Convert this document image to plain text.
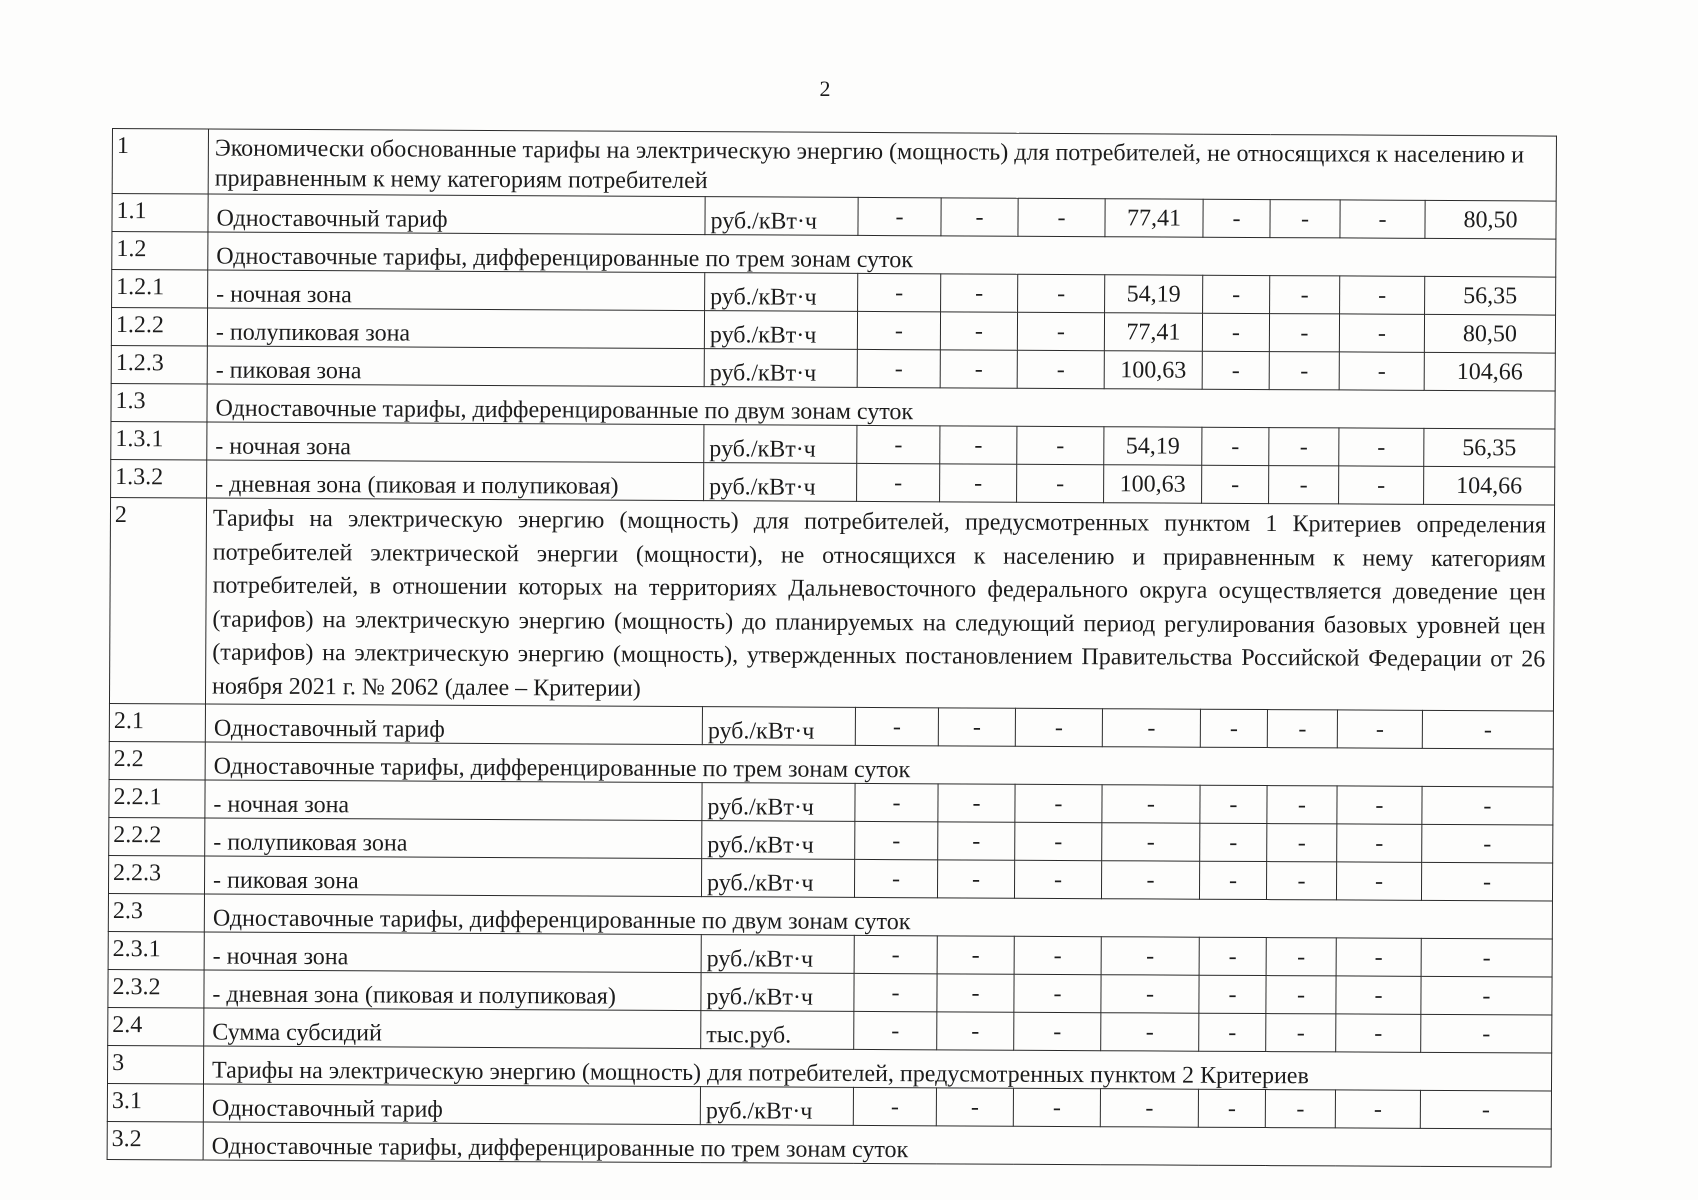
2
1	Экономически обоснованные тарифы на электрическую энергию (мощность) для потребителей, не относящихся к населению и приравненным к нему категориям потребителей									
1.1	Одноставочный тариф	руб./кВт·ч	-	-	-	77,41	-	-	-	80,50
1.2	Одноставочные тарифы, дифференцированные по трем зонам суток									
1.2.1	- ночная зона	руб./кВт·ч	-	-	-	54,19	-	-	-	56,35
1.2.2	- полупиковая зона	руб./кВт·ч	-	-	-	77,41	-	-	-	80,50
1.2.3	- пиковая зона	руб./кВт·ч	-	-	-	100,63	-	-	-	104,66
1.3	Одноставочные тарифы, дифференцированные по двум зонам суток									
1.3.1	- ночная зона	руб./кВт·ч	-	-	-	54,19	-	-	-	56,35
1.3.2	- дневная зона (пиковая и полупиковая)	руб./кВт·ч	-	-	-	100,63	-	-	-	104,66
2	Тарифы на электрическую энергию (мощность) для потребителей, предусмотренных пунктом 1 Критериев определения потребителей электрической энергии (мощности), не относящихся к населению и приравненным к нему категориям потребителей, в отношении которых на территориях Дальневосточного федерального округа осуществляется доведение цен (тарифов) на электрическую энергию (мощность) до планируемых на следующий период регулирования базовых уровней цен (тарифов) на электрическую энергию (мощность), утвержденных постановлением Правительства Российской Федерации от 26 ноября 2021 г. № 2062 (далее – Критерии)									
2.1	Одноставочный тариф	руб./кВт·ч	-	-	-	-	-	-	-	-
2.2	Одноставочные тарифы, дифференцированные по трем зонам суток									
2.2.1	- ночная зона	руб./кВт·ч	-	-	-	-	-	-	-	-
2.2.2	- полупиковая зона	руб./кВт·ч	-	-	-	-	-	-	-	-
2.2.3	- пиковая зона	руб./кВт·ч	-	-	-	-	-	-	-	-
2.3	Одноставочные тарифы, дифференцированные по двум зонам суток									
2.3.1	- ночная зона	руб./кВт·ч	-	-	-	-	-	-	-	-
2.3.2	- дневная зона (пиковая и полупиковая)	руб./кВт·ч	-	-	-	-	-	-	-	-
2.4	Сумма субсидий	тыс.руб.	-	-	-	-	-	-	-	-
3	Тарифы на электрическую энергию (мощность) для потребителей, предусмотренных пунктом 2 Критериев									
3.1	Одноставочный тариф	руб./кВт·ч	-	-	-	-	-	-	-	-
3.2	Одноставочные тарифы, дифференцированные по трем зонам суток									
